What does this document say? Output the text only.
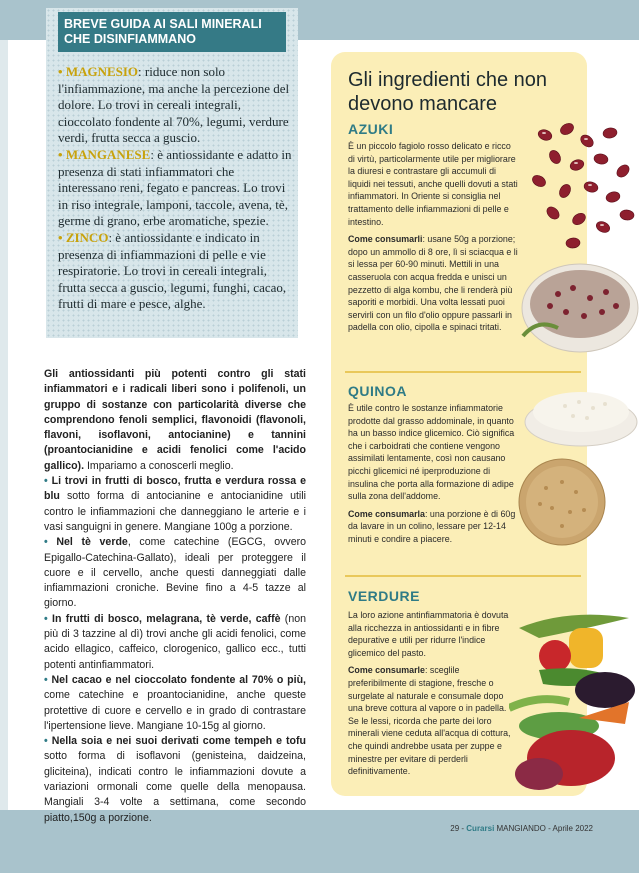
BREVE GUIDA AI SALI MINERALI CHE DISINFIAMMANO

• MAGNESIO: riduce non solo l'infiammazione, ma anche la percezione del dolore. Lo trovi in cereali integrali, cioccolato fondente al 70%, legumi, verdure verdi, frutta secca a guscio.

• MANGANESE: è antiossidante e adatto in presenza di stati infiammatori che interessano reni, fegato e pancreas. Lo trovi in riso integrale, lamponi, taccole, avena, tè, germe di grano, erbe aromatiche, spezie.

• ZINCO: è antiossidante e indicato in presenza di infiammazioni di pelle e vie respiratorie. Lo trovi in cereali integrali, frutta secca a guscio, legumi, funghi, cacao, frutti di mare e pesce, alghe.

Gli antiossidanti più potenti contro gli stati infiammatori e i radicali liberi sono i polifenoli, un gruppo di sostanze con particolarità diverse che comprendono fenoli semplici, flavonoidi (flavonoli, flavoni, isoflavoni, antocianine) e tannini (proantocianidine e acidi fenolici come l'acido gallico). Impariamo a conoscerli meglio.

• Li trovi in frutti di bosco, frutta e verdura rossa e blu sotto forma di antocianine e antocianidine utili contro le infiammazioni che danneggiano le arterie e i vasi sanguigni in genere. Mangiane 100g a porzione.

• Nel tè verde, come catechine (EGCG, ovvero Epigallo-Catechina-Gallato), ideali per proteggere il cuore e il cervello, anche questi danneggiati dalle infiammazioni croniche. Bevine fino a 4-5 tazze al giorno.

• In frutti di bosco, melagrana, tè verde, caffè (non più di 3 tazzine al dì) trovi anche gli acidi fenolici, come acido ellagico, caffeico, clorogenico, gallico ecc., tutti potenti antinfiammatori.

• Nel cacao e nel cioccolato fondente al 70% o più, come catechine e proantocianidine, anche queste protettive di cuore e cervello e in grado di contrastare l'ipertensione lieve. Mangiane 10-15g al giorno.

• Nella soia e nei suoi derivati come tempeh e tofu sotto forma di isoflavoni (genisteina, daidzeina, gliciteina), indicati contro le infiammazioni dovute a variazioni ormonali come quelle della menopausa. Mangiali 3-4 volte a settimana, come secondo piatto,150g a porzione.

Gli ingredienti che non devono mancare
AZUKI

È un piccolo fagiolo rosso delicato e ricco di virtù, particolarmente utile per migliorare la diuresi e contrastare gli accumuli di liquidi nei tessuti, anche quelli dovuti a stati infiammatori. In Oriente si consiglia nel trattamento delle infiammazioni di pelle e intestino.

Come consumarli: usane 50g a porzione; dopo un ammollo di 8 ore, lì si sciacqua e li si lessa per 60-90 minuti. Mettili in una casseruola con acqua fredda e unisci un pezzetto di alga kombu, che li renderà più saporiti e morbidi. Una volta lessati puoi servirli con un filo d'olio oppure passarli in padella con olio, cipolla e spinaci tritati.

QUINOA

È utile contro le sostanze infiammatorie prodotte dal grasso addominale, in quanto ha un basso indice glicemico. Ciò significa che i carboidrati che contiene vengono assimilati lentamente, così non causano picchi glicemici né iperproduzione di insulina che porta alla formazione di adipe sulla zona dell'addome.

Come consumarla: una porzione è di 60g da lavare in un colino, lessare per 12-14 minuti e condire a piacere.

VERDURE

La loro azione antinfiammatoria è dovuta alla ricchezza in antiossidanti e in fibre depurative e utili per ridurre l'indice glicemico del pasto.

Come consumarle: sceglile preferibilmente di stagione, fresche o surgelate al naturale e consumale dopo una breve cottura al vapore o in padella. Se le lessi, ricorda che parte dei loro minerali viene ceduta all'acqua di cottura, che quindi andrebbe usata per zuppe e minestre per evitare di perderli definitivamente.

29 - Curarsi MANGIANDO - Aprile 2022
